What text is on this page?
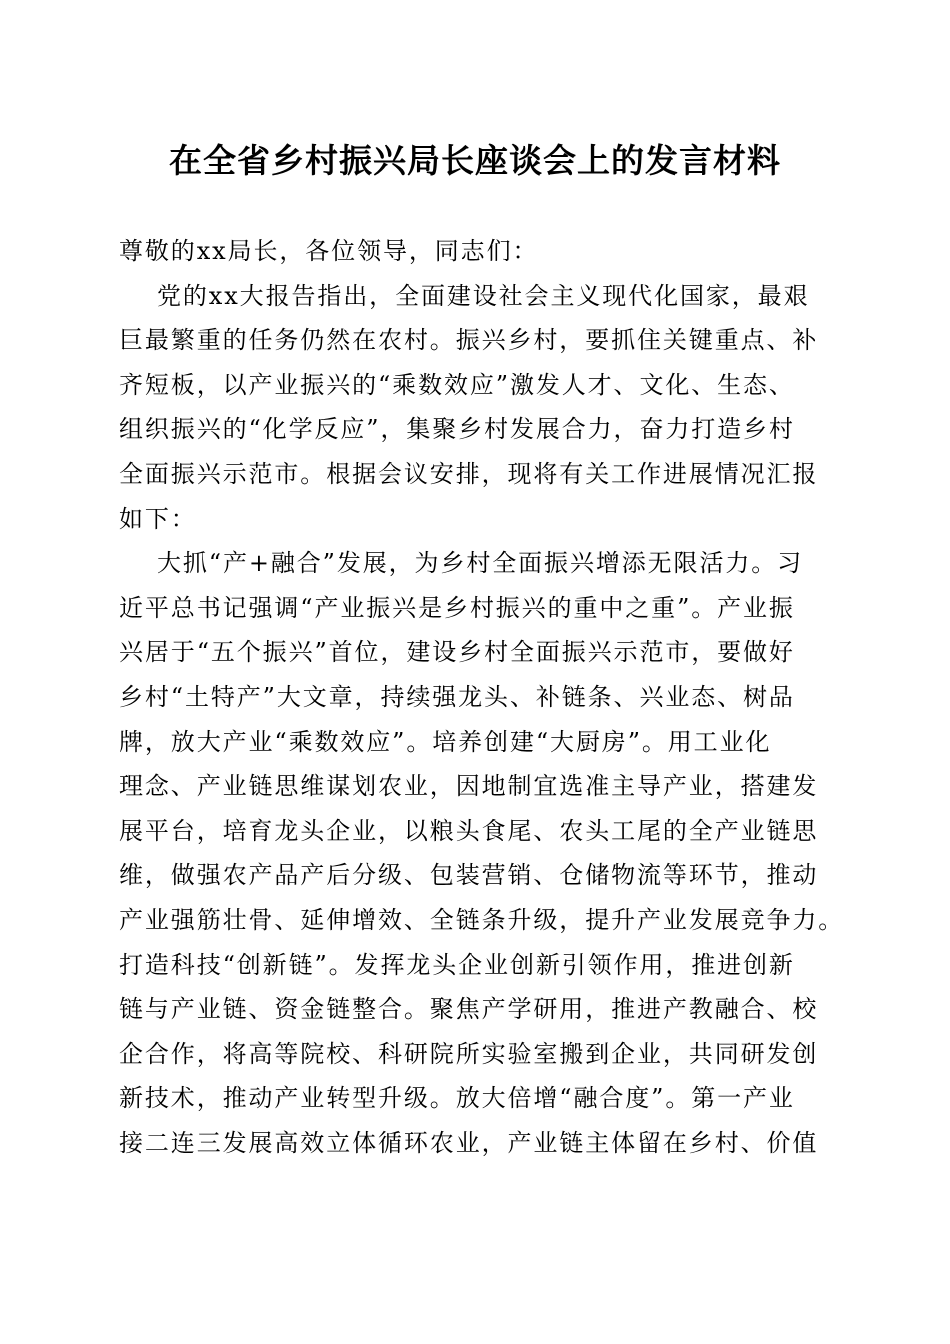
在全省乡村振兴局长座谈会上的发言材料
尊敬的xx局长，各位领导，同志们：

党的xx大报告指出，全面建设社会主义现代化国家，最艰
巨最繁重的任务仍然在农村。振兴乡村，要抓住关键重点、补
齐短板，以产业振兴的“乘数效应”激发人才、文化、生态、
组织振兴的“化学反应”，集聚乡村发展合力，奋力打造乡村
全面振兴示范市。根据会议安排，现将有关工作进展情况汇报
如下：

大抓“产+融合”发展，为乡村全面振兴增添无限活力。习
近平总书记强调“产业振兴是乡村振兴的重中之重”。产业振
兴居于“五个振兴”首位，建设乡村全面振兴示范市，要做好
乡村“土特产”大文章，持续强龙头、补链条、兴业态、树品
牌，放大产业“乘数效应”。培养创建“大厨房”。用工业化
理念、产业链思维谋划农业，因地制宜选准主导产业，搭建发
展平台，培育龙头企业，以粮头食尾、农头工尾的全产业链思
维，做强农产品产后分级、包装营销、仓储物流等环节，推动
产业强筋壮骨、延伸增效、全链条升级，提升产业发展竞争力。
打造科技“创新链”。发挥龙头企业创新引领作用，推进创新
链与产业链、资金链整合。聚焦产学研用，推进产教融合、校
企合作，将高等院校、科研院所实验室搬到企业，共同研发创
新技术，推动产业转型升级。放大倍增“融合度”。第一产业
接二连三发展高效立体循环农业，产业链主体留在乡村、价值
